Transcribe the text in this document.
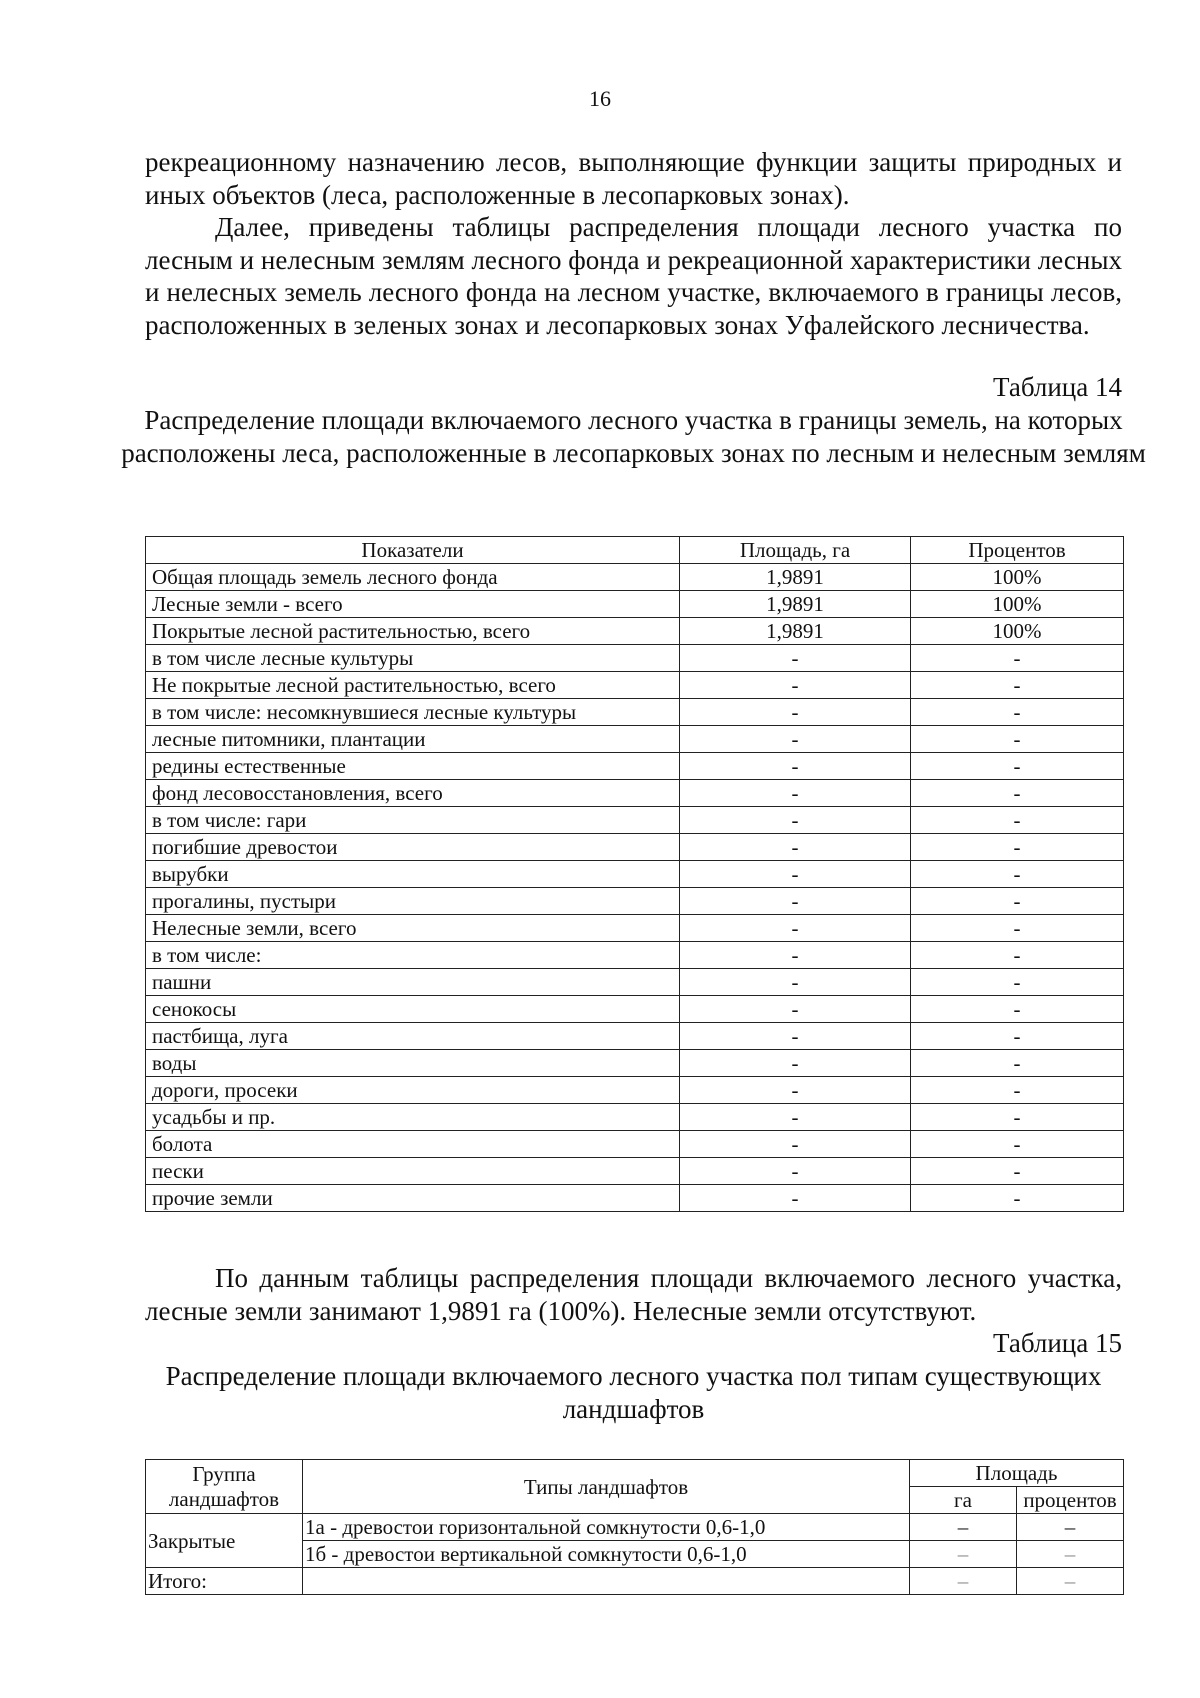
16

рекреационному назначению лесов, выполняющие функции защиты природных и иных объектов (леса, расположенные в лесопарковых зонах).

Далее, приведены таблицы распределения площади лесного участка по лесным и нелесным землям лесного фонда и рекреационной характеристики лесных и нелесных земель лесного фонда на лесном участке, включаемого в границы лесов, расположенных в зеленых зонах и лесопарковых зонах Уфалейского лесничества.

Таблица 14
Распределение площади включаемого лесного участка в границы земель, на которых расположены леса, расположенные в лесопарковых зонах по лесным и нелесным землям
Показатели	Площадь, га	Процентов
Общая площадь земель лесного фонда	1,9891	100%
Лесные земли - всего	1,9891	100%
Покрытые лесной растительностью, всего	1,9891	100%
в том числе лесные культуры	-	-
Не покрытые лесной растительностью, всего	-	-
в том числе: несомкнувшиеся лесные культуры	-	-
лесные питомники, плантации	-	-
редины естественные	-	-
фонд лесовосстановления, всего	-	-
в том числе: гари	-	-
погибшие древостои	-	-
вырубки	-	-
прогалины, пустыри	-	-
Нелесные земли, всего	-	-
в том числе:	-	-
пашни	-	-
сенокосы	-	-
пастбища, луга	-	-
воды	-	-
дороги, просеки	-	-
усадьбы и пр.	-	-
болота	-	-
пески	-	-
прочие земли	-	-
По данным таблицы распределения площади включаемого лесного участка, лесные земли занимают 1,9891 га (100%). Нелесные земли отсутствуют.
Таблица 15
Распределение площади включаемого лесного участка пол типам существующих ландшафтов
Группа ландшафтов	Типы ландшафтов	Площадь	
		га	процентов
Закрытые	1а - древостои горизонтальной сомкнутости 0,6-1,0	–	–
	1б - древостои вертикальной сомкнутости 0,6-1,0	–	–
Итого:		–	–
